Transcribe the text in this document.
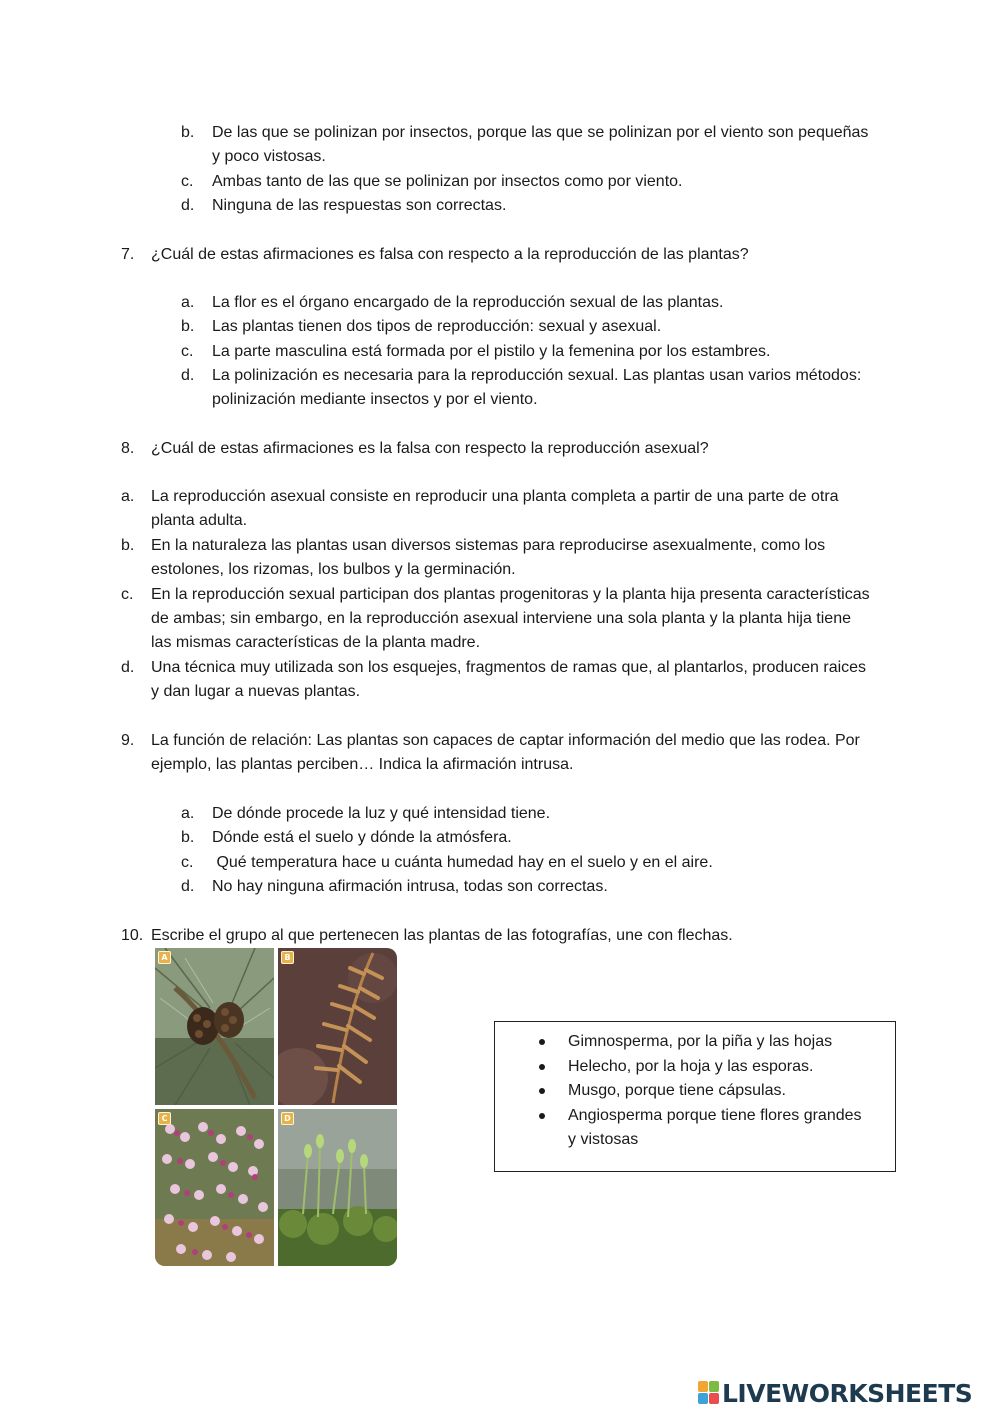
b. De las que se polinizan por insectos, porque las que se polinizan por el viento son pequeñas
y poco vistosas.
c. Ambas tanto de las que se polinizan por insectos como por viento.
d. Ninguna de las respuestas son correctas.
7. ¿Cuál de estas afirmaciones es falsa con respecto a la reproducción de las plantas?
a. La flor es el órgano encargado de la reproducción sexual de las plantas.
b. Las plantas tienen dos tipos de reproducción: sexual y asexual.
c. La parte masculina está formada por el pistilo y la femenina por los estambres.
d. La polinización es necesaria para la reproducción sexual. Las plantas usan varios métodos:
polinización mediante insectos y por el viento.
8. ¿Cuál de estas afirmaciones es la falsa con respecto la reproducción asexual?
a. La reproducción asexual consiste en reproducir una planta completa a partir de una parte de otra
planta adulta.
b. En la naturaleza las plantas usan diversos sistemas para reproducirse asexualmente, como los
estolones, los rizomas, los bulbos y la germinación.
c. En la reproducción sexual participan dos plantas progenitoras y la planta hija presenta características
de ambas; sin embargo, en la reproducción asexual interviene una sola planta y la planta hija tiene
las mismas características de la planta madre.
d. Una técnica muy utilizada son los esquejes, fragmentos de ramas que, al plantarlos, producen raices
y dan lugar a nuevas plantas.
9. La función de relación: Las plantas son capaces de captar información del medio que las rodea. Por
ejemplo, las plantas perciben… Indica la afirmación intrusa.
a. De dónde procede la luz y qué intensidad tiene.
b. Dónde está el suelo y dónde la atmósfera.
c. Qué temperatura hace u cuánta humedad hay en el suelo y en el aire.
d. No hay ninguna afirmación intrusa, todas son correctas.
10. Escribe el grupo al que pertenecen las plantas de las fotografías, une con flechas.
A	B
C	D
Gimnosperma, por la piña y las hojas
Helecho, por la hoja y las esporas.
Musgo, porque tiene cápsulas.
Angiosperma porque tiene flores grandes
y vistosas
LIVEWORKSHEETS
